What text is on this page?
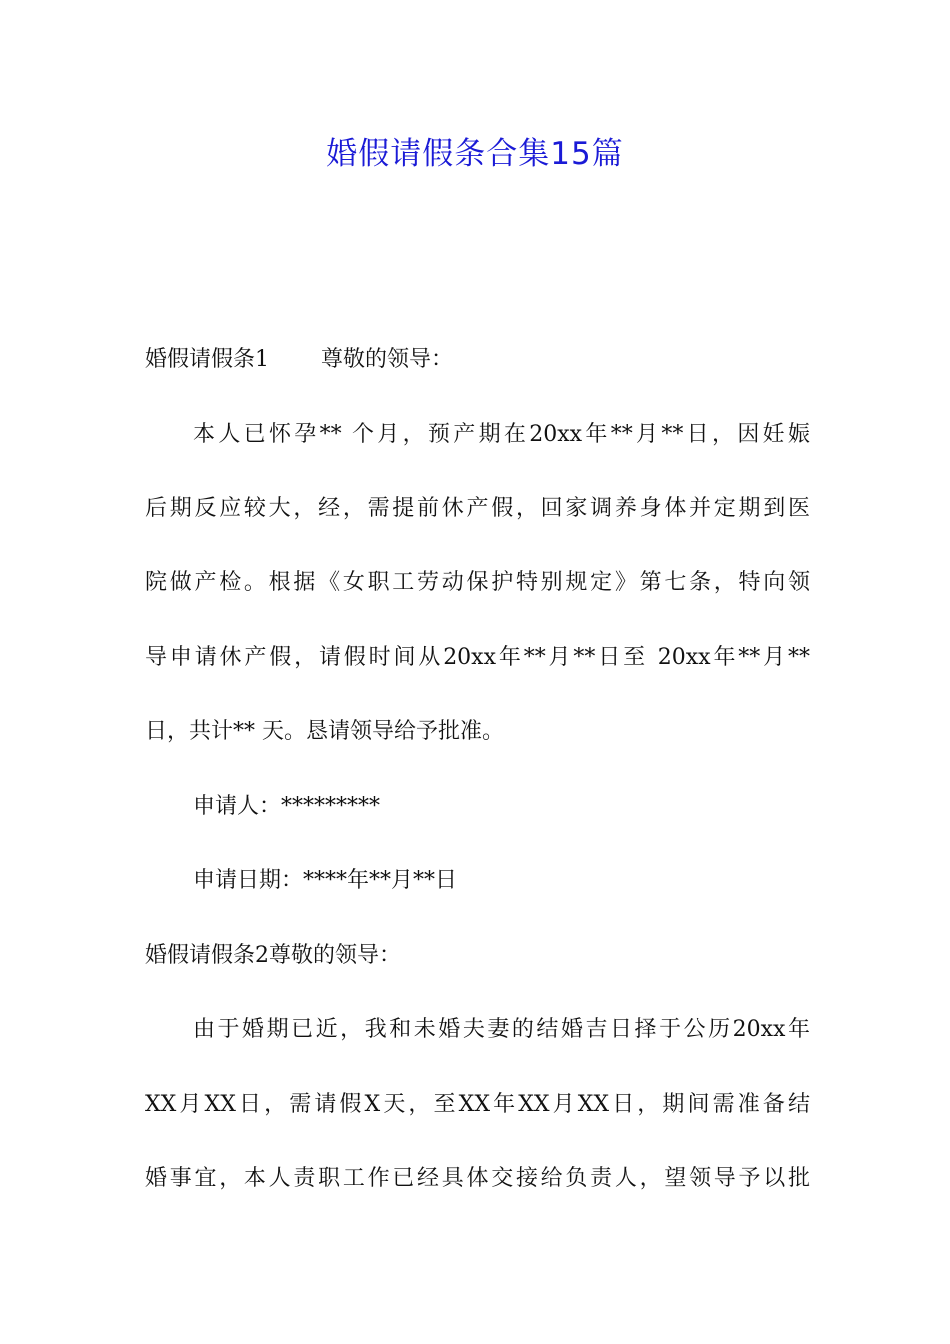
婚假请假条合集15篇
婚假请假条1 尊敬的领导：
本人已怀孕** 个月，预产期在20xx年**月**日，因妊娠
后期反应较大，经，需提前休产假，回家调养身体并定期到医
院做产检。根据《女职工劳动保护特别规定》第七条，特向领
导申请休产假，请假时间从20xx年**月**日至 20xx年**月**
日，共计** 天。恳请领导给予批准。
申请人：*********
申请日期：****年**月**日
婚假请假条2尊敬的领导：
由于婚期已近，我和未婚夫妻的结婚吉日择于公历20xx年
XX月XX日，需请假X天，至XX年XX月XX日，期间需准备结
婚事宜，本人责职工作已经具体交接给负责人，望领导予以批
